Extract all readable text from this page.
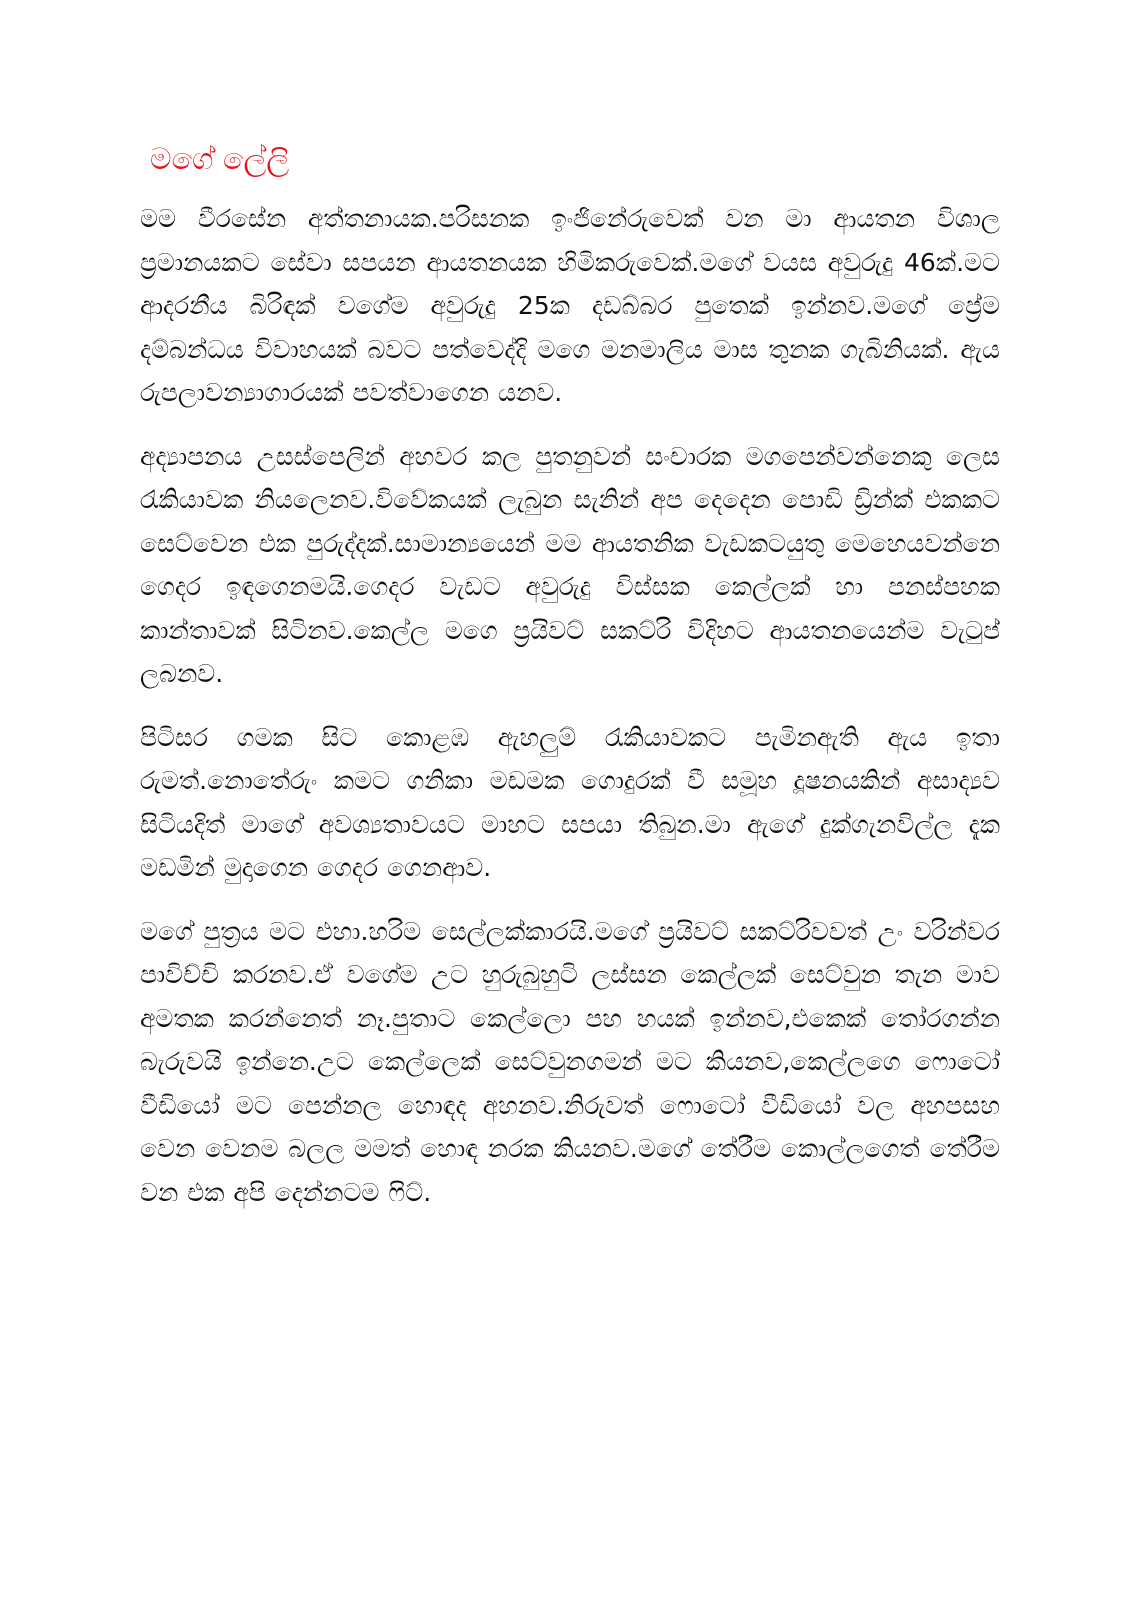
මගේ ලේලි

මම වීරසේන අත්තනායක.පරිසනක ඉංජිනේරුවෙක් වන මා ආයතන විශාල ප්‍රමානයකට සේවා සපයන ආයතනයක හිමිකරුවෙක්.මගේ වයස අවුරුදු 46ක්.මට ආදරනීය බිරිඳක් වගේම අවුරුදු 25ක දඩබ්බර පුතෙක් ඉන්නව.මගේ ප්‍රේම දම්බන්ධය විවාහයක් බවට පත්වෙද්දි මගෙ මනමාලිය මාස තුනක ගැබිනියක්. ඇය රුපලාවන්‍යාගාරයක් පවත්වාගෙන යනව.

අද්‍යාපනය උසස්පෙලින් අහවර කල පුතනුවන් සංචාරක මගපෙන්වන්නෙකු ලෙස රැකියාවක නියලෙනව.විවේකයක් ලැබුන සැනින් අප දෙදෙන පොඩි ඩ්‍රින්ක් එකකට සෙට්වෙන එක පුරුද්දක්.සාමාන්‍යයෙන් මම ආයතනික වැඩකටයුතු මෙහෙයවන්නෙ ගෙදර ඉඳගෙනමයි.ගෙදර වැඩට අවුරුදු විස්සක කෙල්ලක් හා පනස්පහක කාන්තාවක් සිටිනව.කෙල්ල මගෙ ප්‍රයිවට් සකට්රි විදිහට ආයතනයෙන්ම වැටුප් ලබනව.

පිටිසර ගමක සිට කොළඹ ඇහලුම් රැකියාවකට පැමිනඇති ඇය ඉතා රුමත්.නොතේරුං කමට ගනිකා මඩමක ගොදුරක් වී සමූහ දූෂනයකින් අසාද්‍යව සිටියදිත් මාගේ අවශ්‍යතාවයට මාහට සපයා තිබුන.මා ඇගේ දුක්ගැනවිල්ල දැක මඩමින් මුදාගෙන ගෙදර ගෙනආව.

මගේ පුත්‍රය මට එහා.හරිම සෙල්ලක්කාරයි.මගේ ප්‍රයිවට් සකට්රිවවත් උං වරින්වර පාවිච්චි කරනව.ඒ වගේම උට හුරුබුහුටි ලස්සන කෙල්ලක් සෙට්වුන තැන මාව අමතක කරන්නෙත් නෑ.පුතාට කෙල්ලො පහ හයක් ඉන්නව,එකෙක් තෝරගන්න බැරුවයි ඉන්නෙ.උට කෙල්ලෙක් සෙට්වුනගමන් මට කියනව,කෙල්ලගෙ ෆොටෝ වීඩියෝ මට පෙන්නල හොඳද අහනව.නිරුවත් ෆොටෝ වීඩියෝ වල අහපසහ වෙන වෙනම බලල මමත් හොඳ නරක කියනව.මගේ තේරීම කොල්ලගෙත් තේරීම වන එක අපි දෙන්නටම ෆිට්.
